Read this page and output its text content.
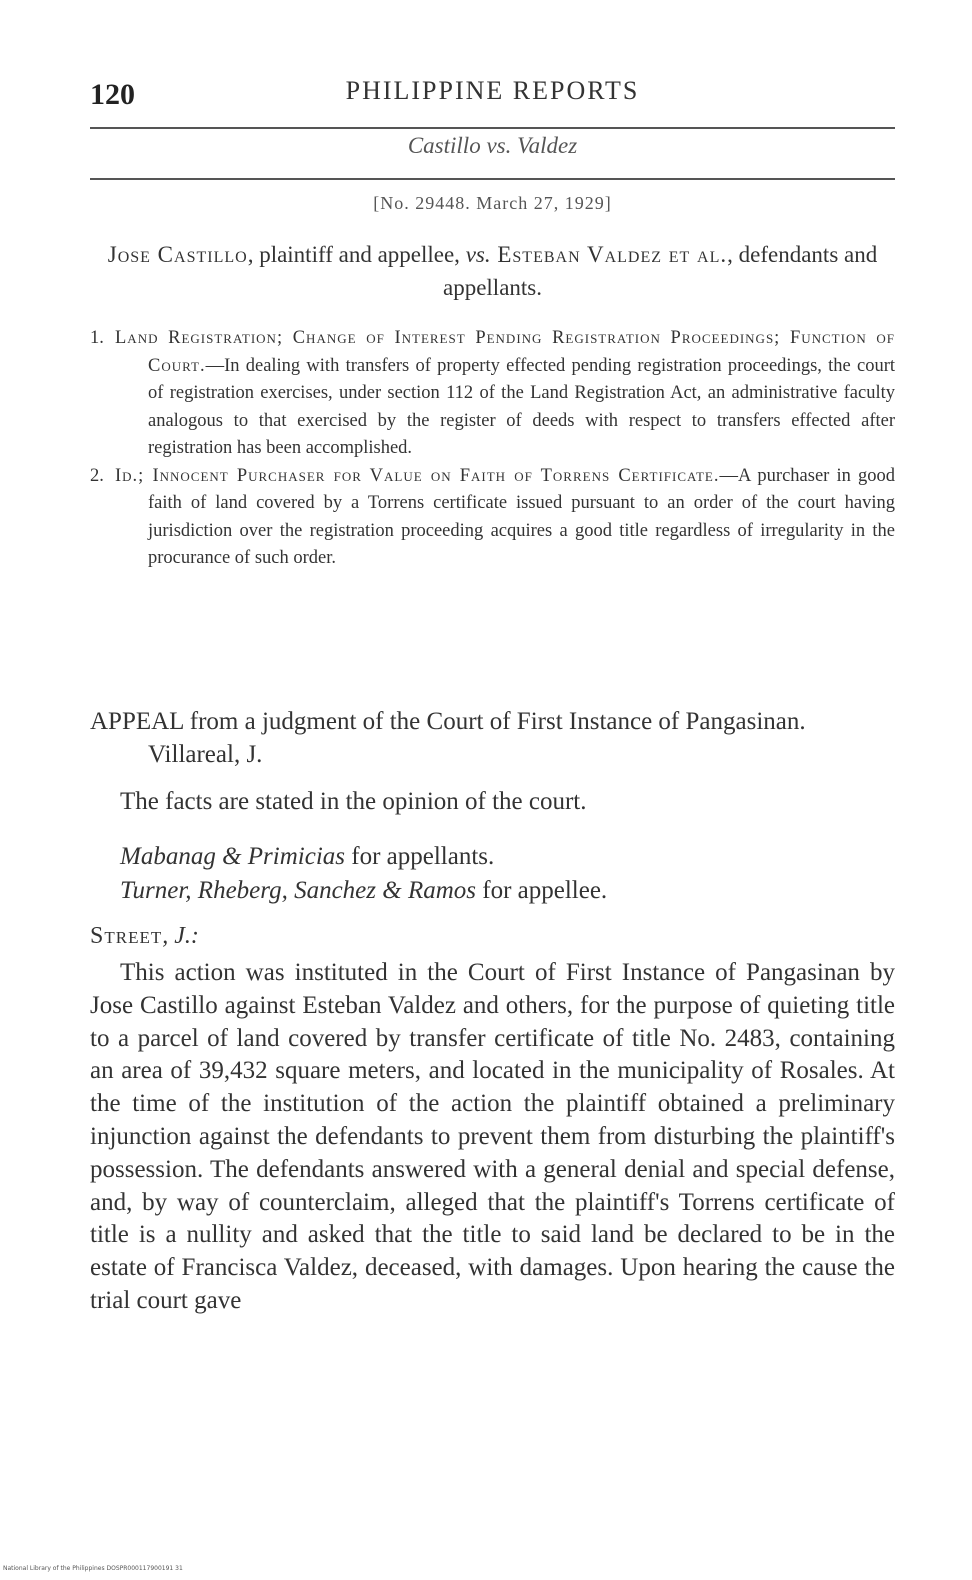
120	PHILIPPINE REPORTS
Castillo vs. Valdez
[No. 29448. March 27, 1929]
Jose Castillo, plaintiff and appellee, vs. Esteban Valdez et al., defendants and appellants.

1. Land Registration; Change of Interest Pending Registration Proceedings; Function of Court.—In dealing with transfers of property effected pending registration proceedings, the court of registration exercises, under section 112 of the Land Registration Act, an administrative faculty analogous to that exercised by the register of deeds with respect to transfers effected after registration has been accomplished.

2. Id.; Innocent Purchaser for Value on Faith of Torrens Certificate.—A purchaser in good faith of land covered by a Torrens certificate issued pursuant to an order of the court having jurisdiction over the registration proceeding acquires a good title regardless of irregularity in the procurance of such order.

APPEAL from a judgment of the Court of First Instance of Pangasinan. Villareal, J.
The facts are stated in the opinion of the court.
Mabanag & Primicias for appellants.
Turner, Rheberg, Sanchez & Ramos for appellee.
Street, J.:
This action was instituted in the Court of First Instance of Pangasinan by Jose Castillo against Esteban Valdez and others, for the purpose of quieting title to a parcel of land covered by transfer certificate of title No. 2483, containing an area of 39,432 square meters, and located in the municipality of Rosales. At the time of the institution of the action the plaintiff obtained a preliminary injunction against the defendants to prevent them from disturbing the plaintiff's possession. The defendants answered with a general denial and special defense, and, by way of counterclaim, alleged that the plaintiff's Torrens certificate of title is a nullity and asked that the title to said land be declared to be in the estate of Francisca Valdez, deceased, with damages. Upon hearing the cause the trial court gave
National Library of the Philippines DOSPR000117900191 31
